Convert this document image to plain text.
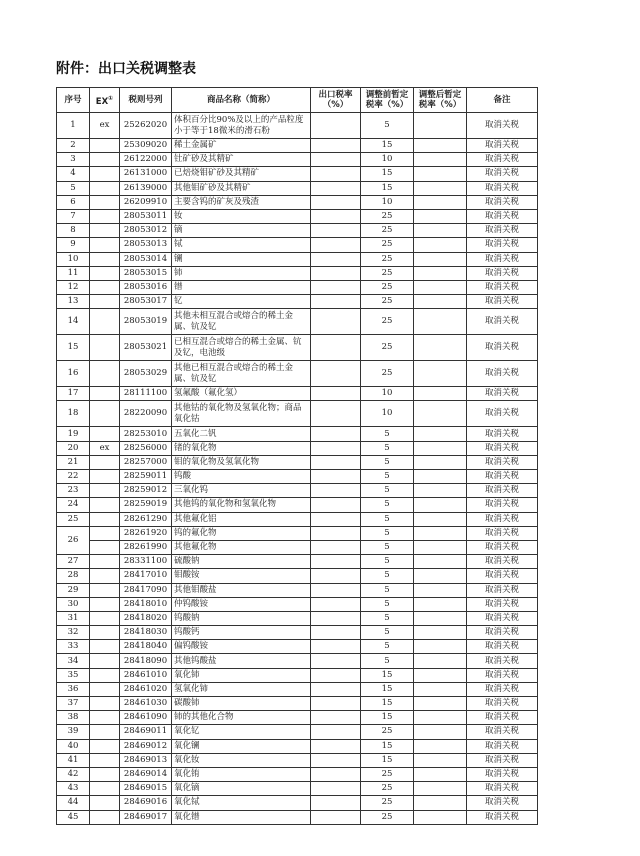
附件：出口关税调整表
序号	EX①	税则号列	商品名称（简称）	出口税率（%）	调整前暂定税率（%）	调整后暂定税率（%）	备注
1	ex	25262020	体积百分比90%及以上的产品粒度小于等于18微米的滑石粉		5		取消关税
2		25309020	稀土金属矿		15		取消关税
3		26122000	钍矿砂及其精矿		10		取消关税
4		26131000	已焙烧钼矿砂及其精矿		15		取消关税
5		26139000	其他钼矿砂及其精矿		15		取消关税
6		26209910	主要含钨的矿灰及残渣		10		取消关税
7		28053011	钕		25		取消关税
8		28053012	镝		25		取消关税
9		28053013	铽		25		取消关税
10		28053014	镧		25		取消关税
11		28053015	铈		25		取消关税
12		28053016	镨		25		取消关税
13		28053017	钇		25		取消关税
14		28053019	其他未相互混合或熔合的稀土金属、钪及钇		25		取消关税
15		28053021	已相互混合或熔合的稀土金属、钪及钇，电池级		25		取消关税
16		28053029	其他已相互混合或熔合的稀土金属、钪及钇		25		取消关税
17		28111100	氢氟酸（氟化氢）		10		取消关税
18		28220090	其他钴的氧化物及氢氧化物；商品氧化钴		10		取消关税
19		28253010	五氧化二钒		5		取消关税
20	ex	28256000	锗的氧化物		5		取消关税
21		28257000	钼的氧化物及氢氧化物		5		取消关税
22		28259011	钨酸		5		取消关税
23		28259012	三氧化钨		5		取消关税
24		28259019	其他钨的氧化物和氢氧化物		5		取消关税
25		28261290	其他氟化铝		5		取消关税
26		28261920	钨的氟化物		5		取消关税
		28261990	其他氟化物		5		取消关税
27		28331100	硫酸钠		5		取消关税
28		28417010	钼酸铵		5		取消关税
29		28417090	其他钼酸盐		5		取消关税
30		28418010	仲钨酸铵		5		取消关税
31		28418020	钨酸钠		5		取消关税
32		28418030	钨酸钙		5		取消关税
33		28418040	偏钨酸铵		5		取消关税
34		28418090	其他钨酸盐		5		取消关税
35		28461010	氧化铈		15		取消关税
36		28461020	氢氧化铈		15		取消关税
37		28461030	碳酸铈		15		取消关税
38		28461090	铈的其他化合物		15		取消关税
39		28469011	氧化钇		25		取消关税
40		28469012	氧化镧		15		取消关税
41		28469013	氧化钕		15		取消关税
42		28469014	氧化铕		25		取消关税
43		28469015	氧化镝		25		取消关税
44		28469016	氧化铽		25		取消关税
45		28469017	氧化镨		25		取消关税
